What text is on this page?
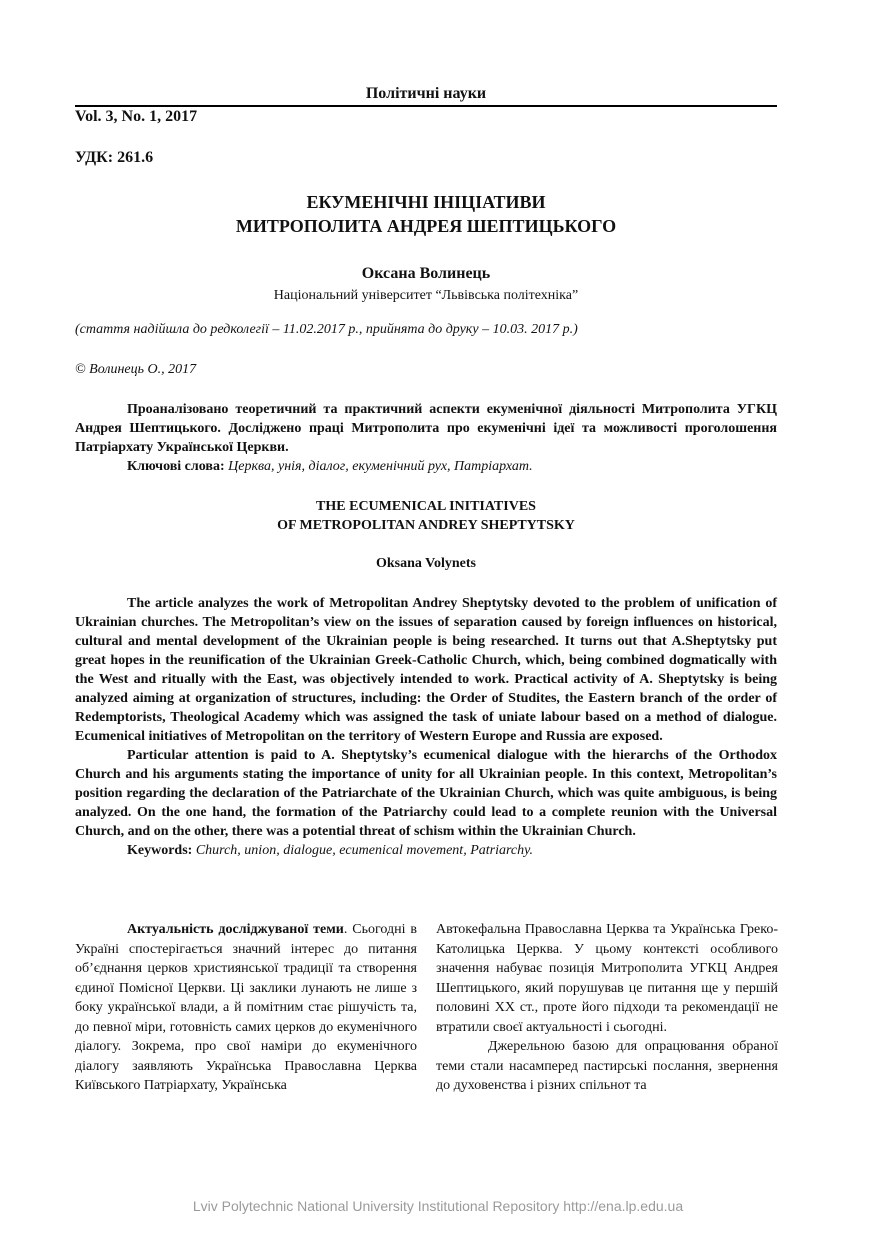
Політичні науки
Vol. 3, No. 1, 2017
УДК: 261.6
ЕКУМЕНІЧНІ ІНІЦІАТИВИ
МИТРОПОЛИТА АНДРЕЯ ШЕПТИЦЬКОГО
Оксана Волинець
Національний університет “Львівська політехніка”
(стаття надійшла до редколегії – 11.02.2017 р., прийнята до друку – 10.03. 2017 р.)
© Волинець О., 2017

Проаналізовано теоретичний та практичний аспекти екуменічної діяльності Митрополита УГКЦ Андрея Шептицького. Досліджено праці Митрополита про екуменічні ідеї та можливості проголошення Патріархату Української Церкви.

Ключові слова: Церква, унія, діалог, екуменічний рух, Патріархат.

THE ECUMENICAL INITIATIVES
OF METROPOLITAN ANDREY SHEPTYTSKY
Oksana Volynets

The article analyzes the work of Metropolitan Andrey Sheptytsky devoted to the problem of unification of Ukrainian churches. The Metropolitan’s view on the issues of separation caused by foreign influences on historical, cultural and mental development of the Ukrainian people is being researched. It turns out that A.Sheptytsky put great hopes in the reunification of the Ukrainian Greek-Catholic Church, which, being combined dogmatically with the West and ritually with the East, was objectively intended to work. Practical activity of A. Sheptytsky is being analyzed aiming at organization of structures, including: the Order of Studites, the Eastern branch of the order of Redemptorists, Theological Academy which was assigned the task of uniate labour based on a method of dialogue. Ecumenical initiatives of Metropolitan on the territory of Western Europe and Russia are exposed.

Particular attention is paid to A. Sheptytsky’s ecumenical dialogue with the hierarchs of the Orthodox Church and his arguments stating the importance of unity for all Ukrainian people. In this context, Metropolitan’s position regarding the declaration of the Patriarchate of the Ukrainian Church, which was quite ambiguous, is being analyzed. On the one hand, the formation of the Patriarchy could lead to a complete reunion with the Universal Church, and on the other, there was a potential threat of schism within the Ukrainian Church.

Keywords: Church, union, dialogue, ecumenical movement, Patriarchy.

Актуальність досліджуваної теми. Сьогодні в Україні спостерігається значний інтерес до питання об’єднання церков християнської традиції та створення єдиної Помісної Церкви. Ці заклики лунають не лише з боку української влади, а й помітним стає рішучість та, до певної міри, готовність самих церков до екуменічного діалогу. Зокрема, про свої наміри до екуменічного діалогу заявляють Українська Православна Церква Київського Патріархату, Українська

Автокефальна Православна Церква та Українська Греко-Католицька Церква. У цьому контексті особливого значення набуває позиція Митрополита УГКЦ Андрея Шептицького, який порушував це питання ще у першій половині XX ст., проте його підходи та рекомендації не втратили своєї актуальності і сьогодні.

Джерельною базою для опрацювання обраної теми стали насамперед пастирські послання, звернення до духовенства і різних спільнот та

Lviv Polytechnic National University Institutional Repository http://ena.lp.edu.ua
